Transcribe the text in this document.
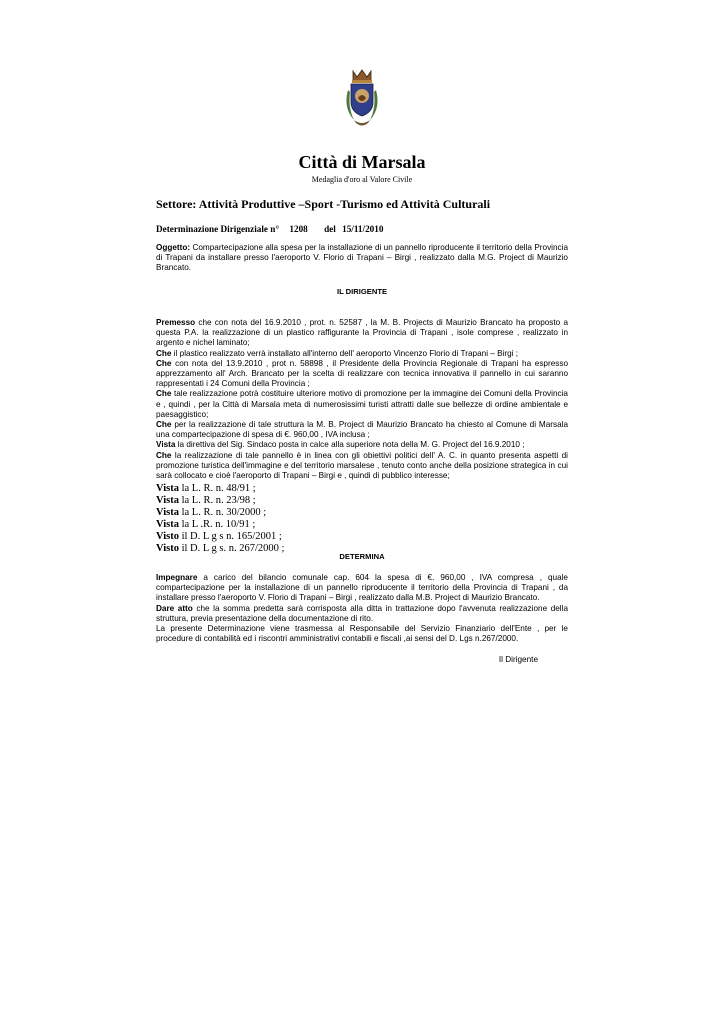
Città di Marsala
Medaglia d'oro al Valore Civile
Settore: Attività Produttive –Sport -Turismo ed Attività Culturali
Determinazione Dirigenziale n° 1208 del 15/11/2010

Oggetto: Compartecipazione alla spesa per la installazione di un pannello riproducente il territorio della Provincia di Trapani da installare presso l'aeroporto V. Florio di Trapani – Birgi , realizzato dalla M.G. Project di Maurizio Brancato.

IL DIRIGENTE

Premesso che con nota del 16.9.2010 , prot. n. 52587 , la M. B. Projects di Maurizio Brancato ha proposto a questa P.A. la realizzazione di un plastico raffigurante la Provincia di Trapani , isole comprese , realizzato in argento e nichel laminato;

Che il plastico realizzato verrà installato all'interno dell' aeroporto Vincenzo Florio di Trapani – Birgi ;

Che con nota del 13.9.2010 , prot n. 58898 , il Presidente della Provincia Regionale di Trapani ha espresso apprezzamento all' Arch. Brancato per la scelta di realizzare con tecnica innovativa il pannello in cui saranno rappresentati i 24 Comuni della Provincia ;

Che tale realizzazione potrà costituire ulteriore motivo di promozione per la immagine dei Comuni della Provincia e , quindi , per la Città di Marsala meta di numerosissimi turisti attratti dalle sue bellezze di ordine ambientale e paesaggistico;

Che per la realizzazione di tale struttura la M. B. Project di Maurizio Brancato ha chiesto al Comune di Marsala una compartecipazione di spesa di €. 960,00 , IVA inclusa ;

Vista la direttiva del Sig. Sindaco posta in calce alla superiore nota della M. G. Project del 16.9.2010 ;

Che la realizzazione di tale pannello è in linea con gli obiettivi politici dell' A. C. in quanto presenta aspetti di promozione turistica dell'immagine e del territorio marsalese , tenuto conto anche della posizione strategica in cui sarà collocato e cioè l'aeroporto di Trapani – Birgi e , quindi di pubblico interesse;

Vista la L. R. n. 48/91 ;

Vista la L. R. n. 23/98 ;

Vista la L. R. n. 30/2000 ;

Vista la L .R. n. 10/91 ;

Visto il D. L g s n. 165/2001 ;

Visto il D. L g s. n. 267/2000 ;

DETERMINA

Impegnare a carico del bilancio comunale cap. 604 la spesa di €. 960,00 , IVA compresa , quale compartecipazione per la installazione di un pannello riproducente il territorio della Provincia di Trapani , da installare presso l'aeroporto V. Florio di Trapani – Birgi , realizzato dalla M.B. Project di Maurizio Brancato.

Dare atto che la somma predetta sarà corrisposta alla ditta in trattazione dopo l'avvenuta realizzazione della struttura, previa presentazione della documentazione di rito.

La presente Determinazione viene trasmessa al Responsabile del Servizio Finanziario dell'Ente , per le procedure di contabilità ed i riscontri amministrativi contabili e fiscali ,ai sensi del D. Lgs n.267/2000.

Il Dirigente
